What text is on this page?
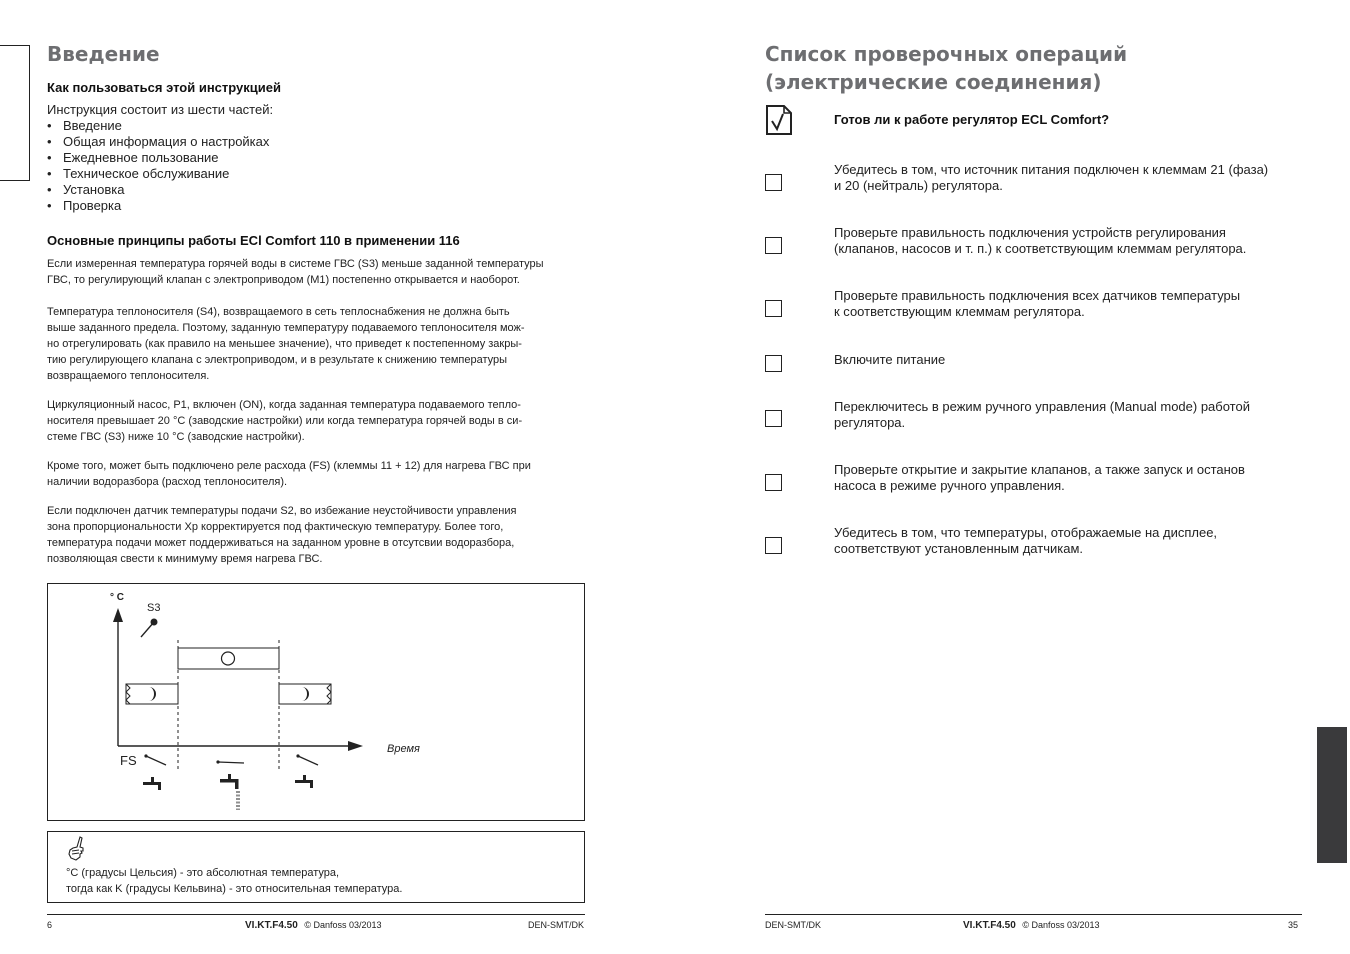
Введение
Как пользоваться этой инструкцией

Инструкция состоит из шести частей:

• Введение
• Общая информация о настройках
• Ежедневное пользование
• Техническое обслуживание
• Установка
• Проверка
Основные принципы работы ECl Comfort 110 в применении 116

Если измеренная температура горячей воды в системе ГВС (S3) меньше заданной температуры

ГВС, то регулирующий клапан с электроприводом (M1) постепенно открывается и наоборот.

Температура теплоносителя (S4), возвращаемого в сеть теплоснабжения не должна быть

выше заданного предела. Поэтому, заданную температуру подаваемого теплоносителя мож-

но отрегулировать (как правило на меньшее значение), что приведет к постепенному закры-

тию регулирующего клапана с электроприводом, и в результате к снижению температуры

возвращаемого теплоносителя.

Циркуляционный насос, P1, включен (ON), когда заданная температура подаваемого тепло-

носителя превышает 20 °C (заводские настройки) или когда температура горячей воды в си-

стеме ГВС (S3) ниже 10 °C (заводские настройки).

Кроме того, может быть подключено реле расхода (FS) (клеммы 11 + 12) для нагрева ГВС при

наличии водоразбора (расход теплоносителя).

Если подключен датчик температуры подачи S2, во избежание неустойчивости управления

зона пропорциональности Xp корректируется под фактическую температуру. Более того,

температура подачи может поддерживаться на заданном уровне в отсутсвии водоразбора,

позволяющая свести к минимуму время нагрева ГВС.

° C
S3
FS
Время

°C (градусы Цельсия) - это абсолютная температура,

тогда как K (градусы Кельвина) - это относительная температура.

6	VI.KT.F4.50 © Danfoss 03/2013	DEN-SMT/DK
Список проверочных операций
(электрические соединения)

Готов ли к работе регулятор ECL Comfort?

Убедитесь в том, что источник питания подключен к клеммам 21 (фаза)
и 20 (нейтраль) регулятора.
Проверьте правильность подключения устройств регулирования
(клапанов, насосов и т. п.) к соответствующим клеммам регулятора.
Проверьте правильность подключения всех датчиков температуры
к соответствующим клеммам регулятора.
Включите питание
Переключитесь в режим ручного управления (Manual mode) работой
регулятора.
Проверьте открытие и закрытие клапанов, а также запуск и останов
насоса в режиме ручного управления.
Убедитесь в том, что температуры, отображаемые на дисплее,
соответствуют установленным датчикам.
DEN-SMT/DK	VI.KT.F4.50 © Danfoss 03/2013	35
